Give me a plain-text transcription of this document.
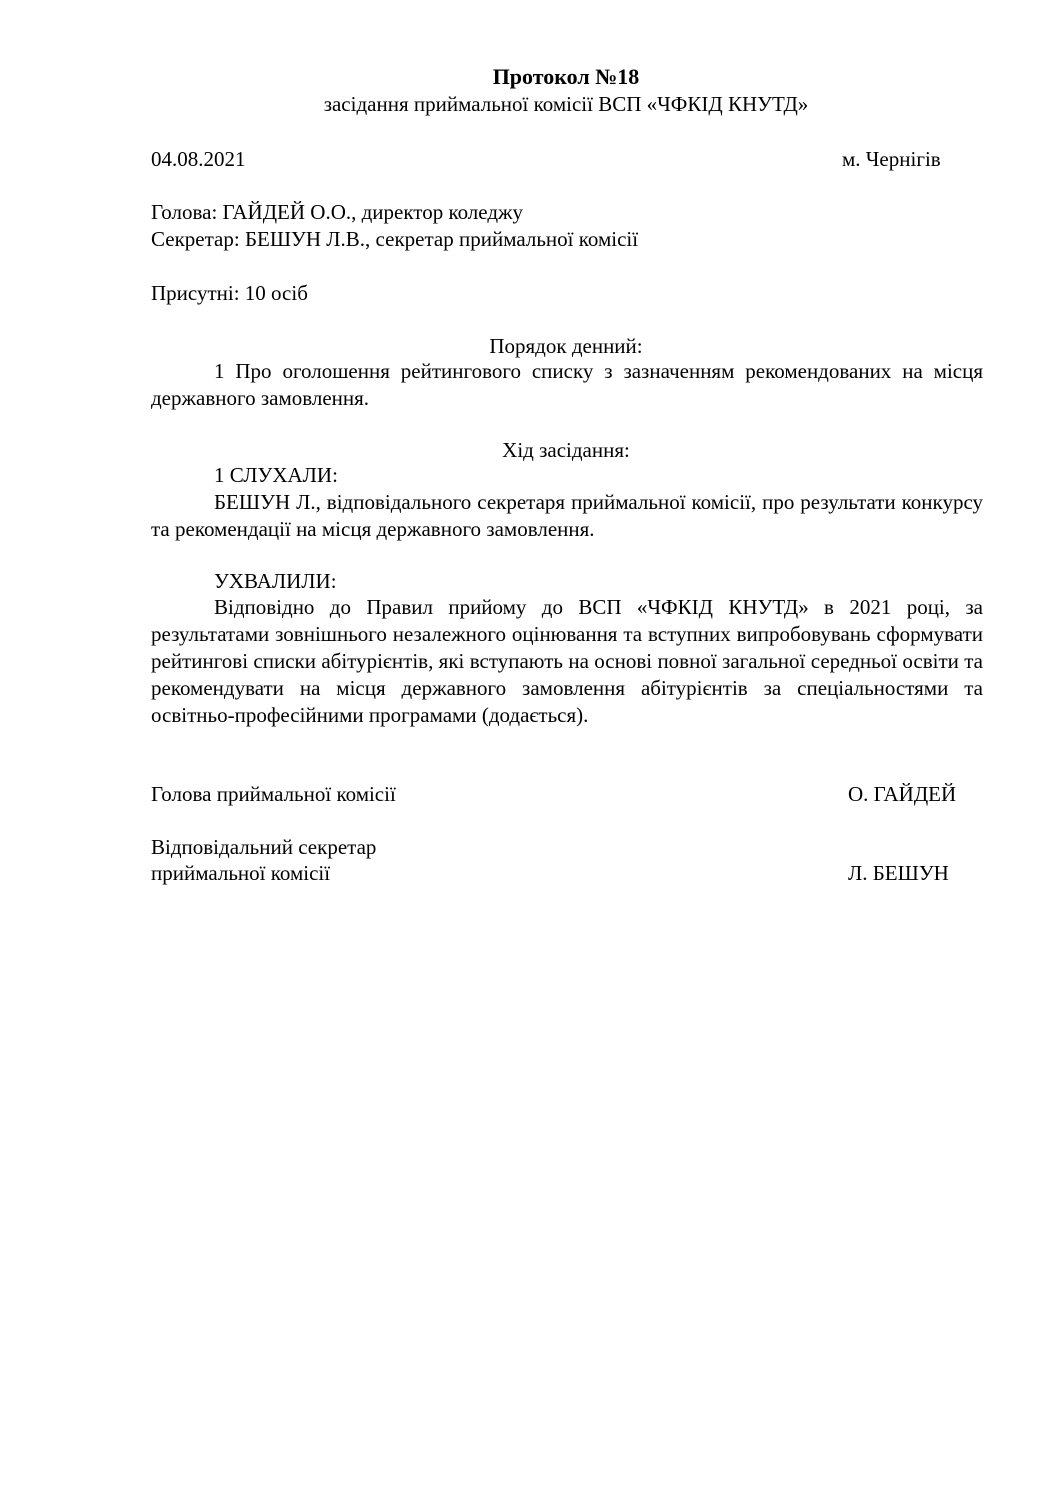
Протокол №18
засідання приймальної комісії ВСП «ЧФКІД КНУТД»
04.08.2021	м. Чернігів
Голова: ГАЙДЕЙ О.О., директор коледжу
Секретар: БЕШУН Л.В., секретар приймальної комісії
Присутні: 10 осіб
Порядок денний:
1 Про оголошення рейтингового списку з зазначенням рекомендованих на місця державного замовлення.
Хід засідання:
1 СЛУХАЛИ:
БЕШУН Л., відповідального секретаря приймальної комісії, про результати конкурсу та рекомендації на місця державного замовлення.
УХВАЛИЛИ:
Відповідно до Правил прийому до ВСП «ЧФКІД КНУТД» в 2021 році, за результатами зовнішнього незалежного оцінювання та вступних випробовувань сформувати рейтингові списки абітурієнтів, які вступають на основі повної загальної середньої освіти та рекомендувати на місця державного замовлення абітурієнтів за спеціальностями та освітньо-професійними програмами (додається).
Голова приймальної комісії	О. ГАЙДЕЙ
Відповідальний секретар
приймальної комісії	Л. БЕШУН
